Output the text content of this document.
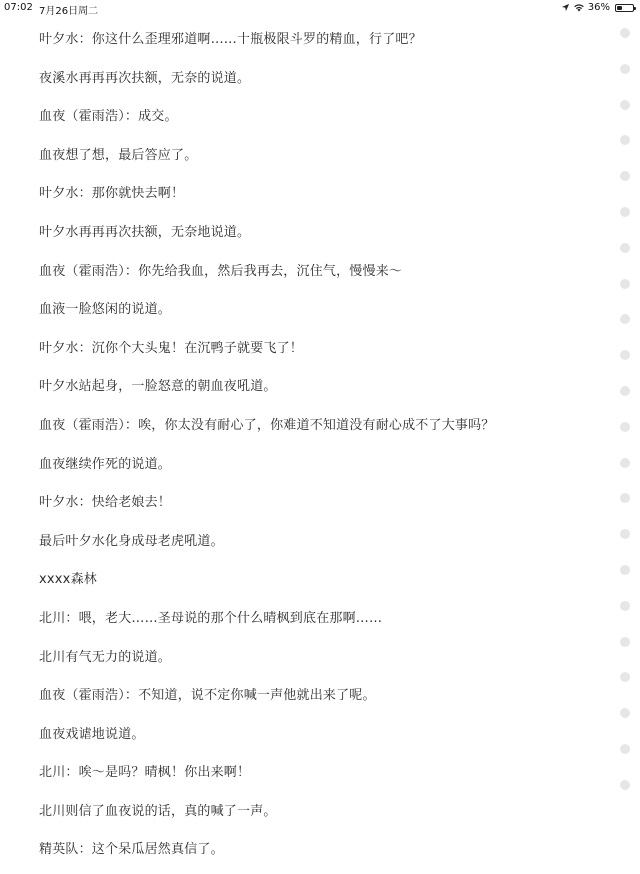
07:02 7月26日周二	36%
叶夕水：你这什么歪理邪道啊……十瓶极限斗罗的精血，行了吧？
夜溪水再再再次扶额，无奈的说道。
血夜（霍雨浩）：成交。
血夜想了想，最后答应了。
叶夕水：那你就快去啊！
叶夕水再再再次扶额，无奈地说道。
血夜（霍雨浩）：你先给我血，然后我再去，沉住气，慢慢来～
血液一脸悠闲的说道。
叶夕水：沉你个大头鬼！在沉鸭子就要飞了！
叶夕水站起身，一脸怒意的朝血夜吼道。
血夜（霍雨浩）：唉，你太没有耐心了，你难道不知道没有耐心成不了大事吗？
血夜继续作死的说道。
叶夕水：快给老娘去！
最后叶夕水化身成母老虎吼道。
xxxx森林
北川：喂，老大……圣母说的那个什么晴枫到底在那啊……
北川有气无力的说道。
血夜（霍雨浩）：不知道，说不定你喊一声他就出来了呢。
血夜戏谑地说道。
北川：唉～是吗？晴枫！你出来啊！
北川则信了血夜说的话，真的喊了一声。
精英队：这个呆瓜居然真信了。
